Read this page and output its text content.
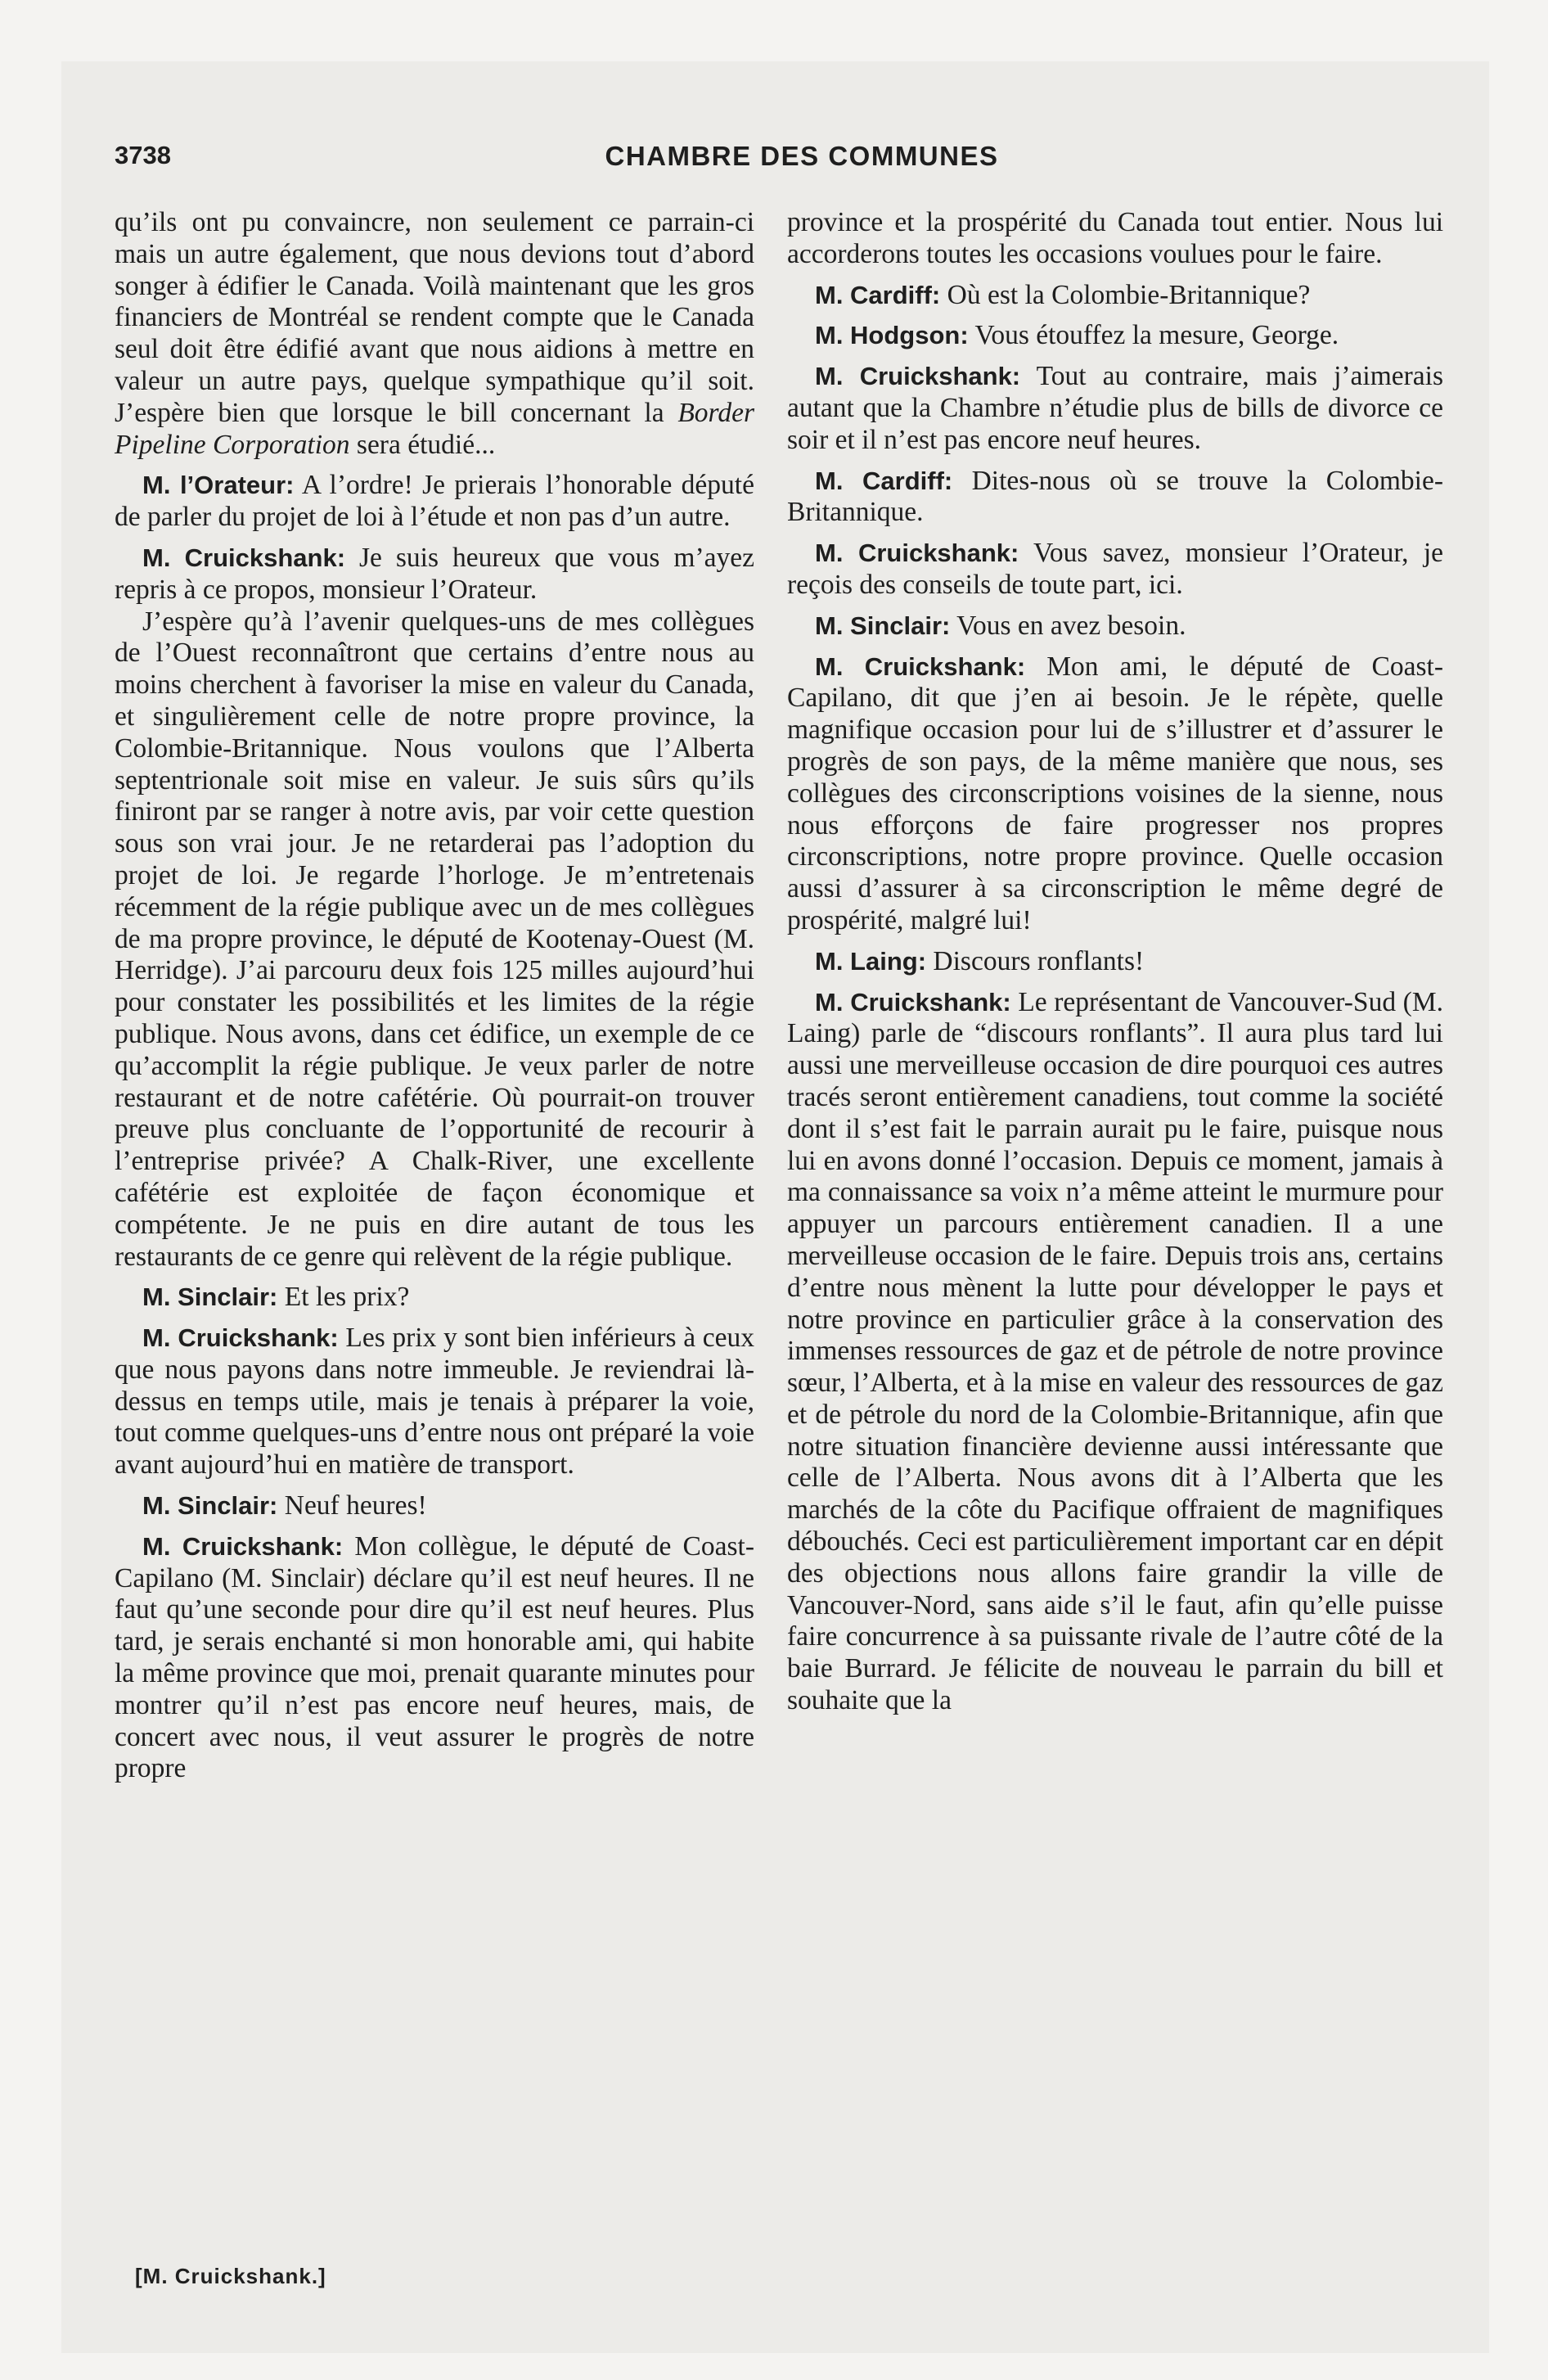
3738	CHAMBRE DES COMMUNES

qu’ils ont pu convaincre, non seulement ce parrain-ci mais un autre également, que nous devions tout d’abord songer à édifier le Canada. Voilà maintenant que les gros financiers de Montréal se rendent compte que le Canada seul doit être édifié avant que nous aidions à mettre en valeur un autre pays, quelque sympathique qu’il soit. J’espère bien que lorsque le bill concernant la Border Pipeline Corporation sera étudié...

M. l’Orateur: A l’ordre! Je prierais l’honorable député de parler du projet de loi à l’étude et non pas d’un autre.

M. Cruickshank: Je suis heureux que vous m’ayez repris à ce propos, monsieur l’Orateur.

J’espère qu’à l’avenir quelques-uns de mes collègues de l’Ouest reconnaîtront que certains d’entre nous au moins cherchent à favoriser la mise en valeur du Canada, et singulièrement celle de notre propre province, la Colombie-Britannique. Nous voulons que l’Alberta septentrionale soit mise en valeur. Je suis sûrs qu’ils finiront par se ranger à notre avis, par voir cette question sous son vrai jour. Je ne retarderai pas l’adoption du projet de loi. Je regarde l’horloge. Je m’entretenais récemment de la régie publique avec un de mes collègues de ma propre province, le député de Kootenay-Ouest (M. Herridge). J’ai parcouru deux fois 125 milles aujourd’hui pour constater les possibilités et les limites de la régie publique. Nous avons, dans cet édifice, un exemple de ce qu’accomplit la régie publique. Je veux parler de notre restaurant et de notre cafétérie. Où pourrait-on trouver preuve plus concluante de l’opportunité de recourir à l’entreprise privée? A Chalk-River, une excellente cafétérie est exploitée de façon économique et compétente. Je ne puis en dire autant de tous les restaurants de ce genre qui relèvent de la régie publique.

M. Sinclair: Et les prix?

M. Cruickshank: Les prix y sont bien inférieurs à ceux que nous payons dans notre immeuble. Je reviendrai là-dessus en temps utile, mais je tenais à préparer la voie, tout comme quelques-uns d’entre nous ont préparé la voie avant aujourd’hui en matière de transport.

M. Sinclair: Neuf heures!

M. Cruickshank: Mon collègue, le député de Coast-Capilano (M. Sinclair) déclare qu’il est neuf heures. Il ne faut qu’une seconde pour dire qu’il est neuf heures. Plus tard, je serais enchanté si mon honorable ami, qui habite la même province que moi, prenait quarante minutes pour montrer qu’il n’est pas encore neuf heures, mais, de concert avec nous, il veut assurer le progrès de notre propre

province et la prospérité du Canada tout entier. Nous lui accorderons toutes les occasions voulues pour le faire.

M. Cardiff: Où est la Colombie-Britannique?

M. Hodgson: Vous étouffez la mesure, George.

M. Cruickshank: Tout au contraire, mais j’aimerais autant que la Chambre n’étudie plus de bills de divorce ce soir et il n’est pas encore neuf heures.

M. Cardiff: Dites-nous où se trouve la Colombie-Britannique.

M. Cruickshank: Vous savez, monsieur l’Orateur, je reçois des conseils de toute part, ici.

M. Sinclair: Vous en avez besoin.

M. Cruickshank: Mon ami, le député de Coast-Capilano, dit que j’en ai besoin. Je le répète, quelle magnifique occasion pour lui de s’illustrer et d’assurer le progrès de son pays, de la même manière que nous, ses collègues des circonscriptions voisines de la sienne, nous nous efforçons de faire progresser nos propres circonscriptions, notre propre province. Quelle occasion aussi d’assurer à sa circonscription le même degré de prospérité, malgré lui!

M. Laing: Discours ronflants!

M. Cruickshank: Le représentant de Vancouver-Sud (M. Laing) parle de “discours ronflants”. Il aura plus tard lui aussi une merveilleuse occasion de dire pourquoi ces autres tracés seront entièrement canadiens, tout comme la société dont il s’est fait le parrain aurait pu le faire, puisque nous lui en avons donné l’occasion. Depuis ce moment, jamais à ma connaissance sa voix n’a même atteint le murmure pour appuyer un parcours entièrement canadien. Il a une merveilleuse occasion de le faire. Depuis trois ans, certains d’entre nous mènent la lutte pour développer le pays et notre province en particulier grâce à la conservation des immenses ressources de gaz et de pétrole de notre province sœur, l’Alberta, et à la mise en valeur des ressources de gaz et de pétrole du nord de la Colombie-Britannique, afin que notre situation financière devienne aussi intéressante que celle de l’Alberta. Nous avons dit à l’Alberta que les marchés de la côte du Pacifique offraient de magnifiques débouchés. Ceci est particulièrement important car en dépit des objections nous allons faire grandir la ville de Vancouver-Nord, sans aide s’il le faut, afin qu’elle puisse faire concurrence à sa puissante rivale de l’autre côté de la baie Burrard. Je félicite de nouveau le parrain du bill et souhaite que la

[M. Cruickshank.]
